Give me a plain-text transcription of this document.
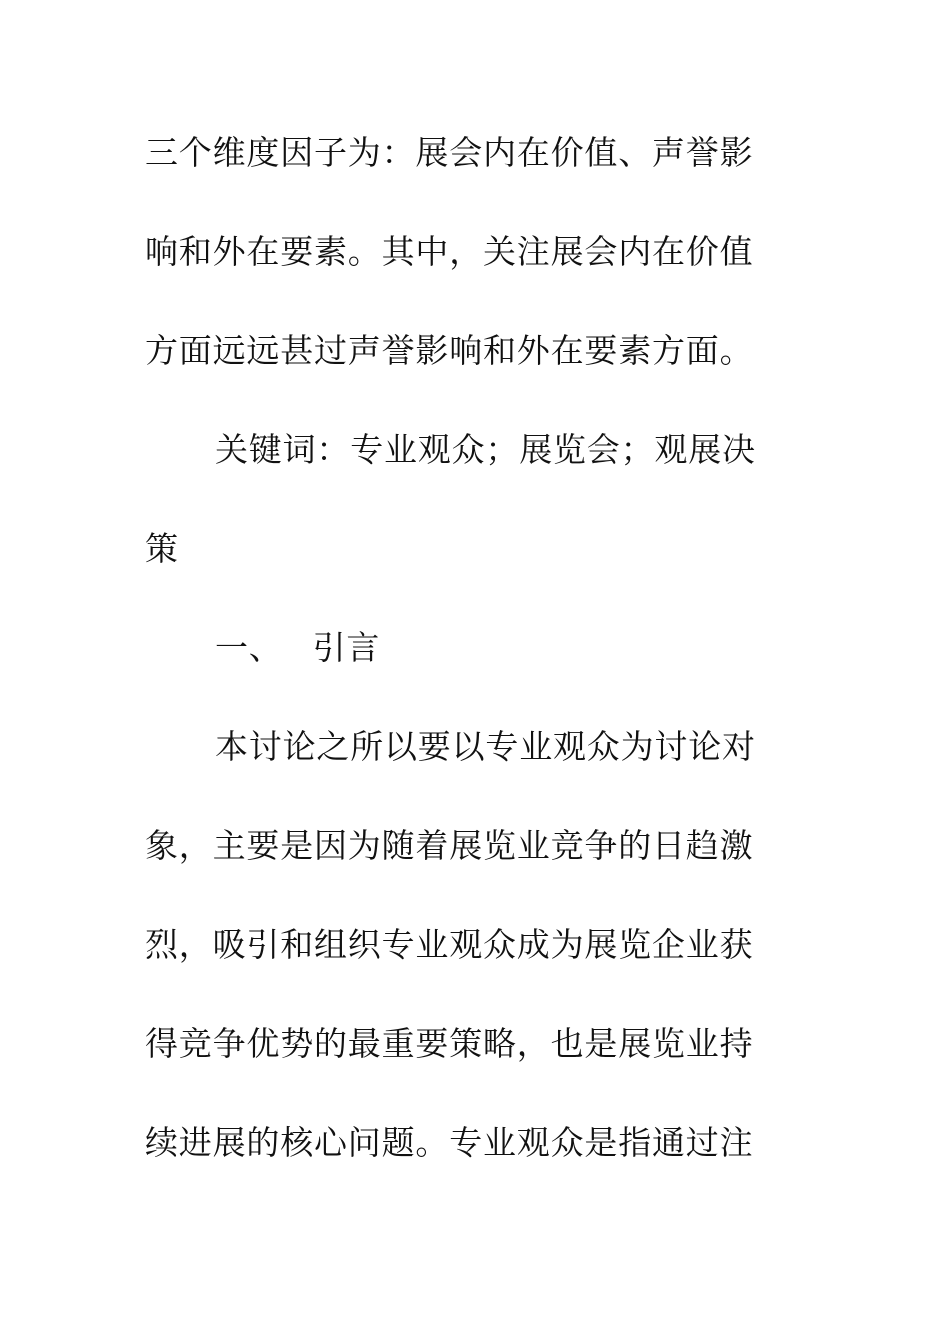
三个维度因子为：展会内在价值、声誉影
响和外在要素。其中，关注展会内在价值
方面远远甚过声誉影响和外在要素方面。
关键词：专业观众；展览会；观展决
策
一、 引言
本讨论之所以要以专业观众为讨论对
象，主要是因为随着展览业竞争的日趋激
烈，吸引和组织专业观众成为展览企业获
得竞争优势的最重要策略，也是展览业持
续进展的核心问题。专业观众是指通过注
